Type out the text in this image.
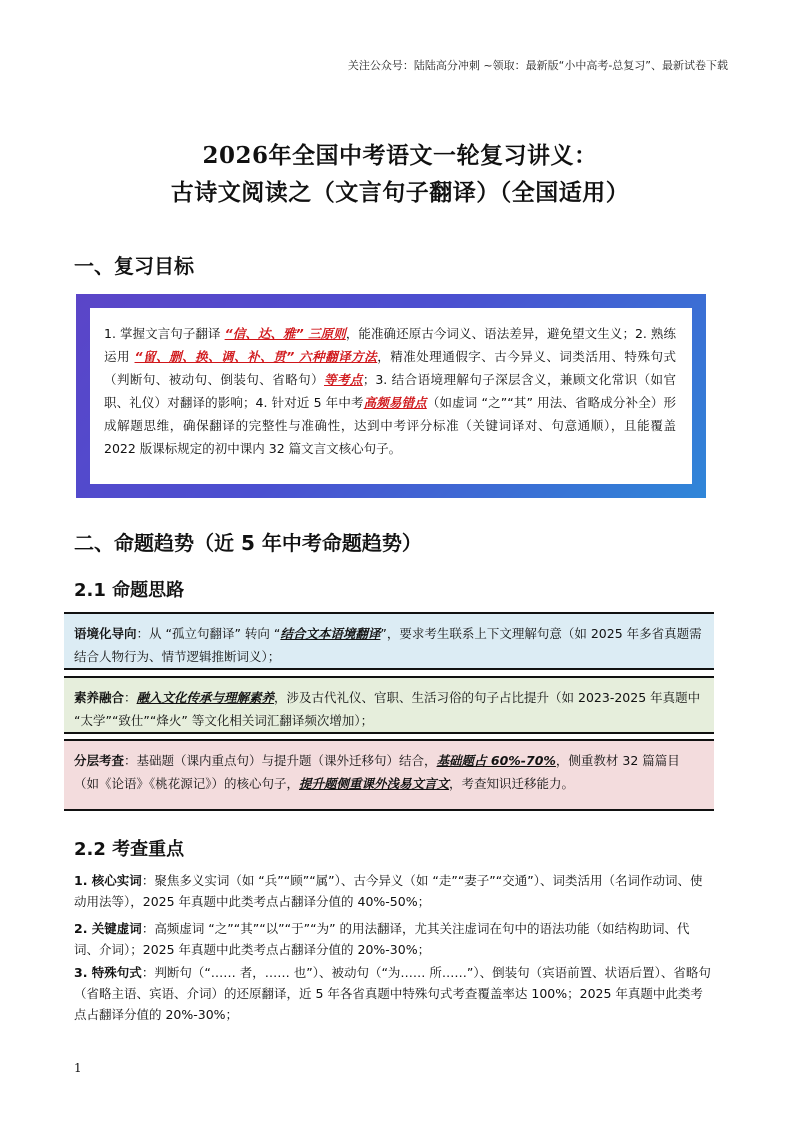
关注公众号：陆陆高分冲刺 ~领取：最新版“小中高考-总复习”、最新试卷下载
2026年全国中考语文一轮复习讲义：
古诗文阅读之（文言句子翻译）（全国适用）
一、复习目标
1. 掌握文言句子翻译 “信、达、雅” 三原则，能准确还原古今词义、语法差异，避免望文生义；2. 熟练运用 “留、删、换、调、补、贯” 六种翻译方法，精准处理通假字、古今异义、词类活用、特殊句式（判断句、被动句、倒装句、省略句）等考点；3. 结合语境理解句子深层含义，兼顾文化常识（如官职、礼仪）对翻译的影响；4. 针对近 5 年中考高频易错点（如虚词 “之”“其” 用法、省略成分补全）形成解题思维，确保翻译的完整性与准确性，达到中考评分标准（关键词译对、句意通顺），且能覆盖 2022 版课标规定的初中课内 32 篇文言文核心句子。
二、命题趋势（近 5 年中考命题趋势）
2.1 命题思路
语境化导向：从 “孤立句翻译” 转向 “结合文本语境翻译”，要求考生联系上下文理解句意（如 2025 年多省真题需结合人物行为、情节逻辑推断词义）；
素养融合：融入文化传承与理解素养，涉及古代礼仪、官职、生活习俗的句子占比提升（如 2023-2025 年真题中 “太学”“致仕”“烽火” 等文化相关词汇翻译频次增加）；
分层考查：基础题（课内重点句）与提升题（课外迁移句）结合，基础题占 60%-70%，侧重教材 32 篇篇目（如《论语》《桃花源记》）的核心句子，提升题侧重课外浅易文言文，考查知识迁移能力。
2.2 考查重点
1. 核心实词：聚焦多义实词（如 “兵”“顾”“属”）、古今异义（如 “走”“妻子”“交通”）、词类活用（名词作动词、使动用法等），2025 年真题中此类考点占翻译分值的 40%-50%；
2. 关键虚词：高频虚词 “之”“其”“以”“于”“为” 的用法翻译，尤其关注虚词在句中的语法功能（如结构助词、代词、介词）；2025 年真题中此类考点占翻译分值的 20%-30%；
3. 特殊句式：判断句（“…… 者，…… 也”）、被动句（“为…… 所……”）、倒装句（宾语前置、状语后置）、省略句（省略主语、宾语、介词）的还原翻译，近 5 年各省真题中特殊句式考查覆盖率达 100%；2025 年真题中此类考点占翻译分值的 20%-30%；
1
